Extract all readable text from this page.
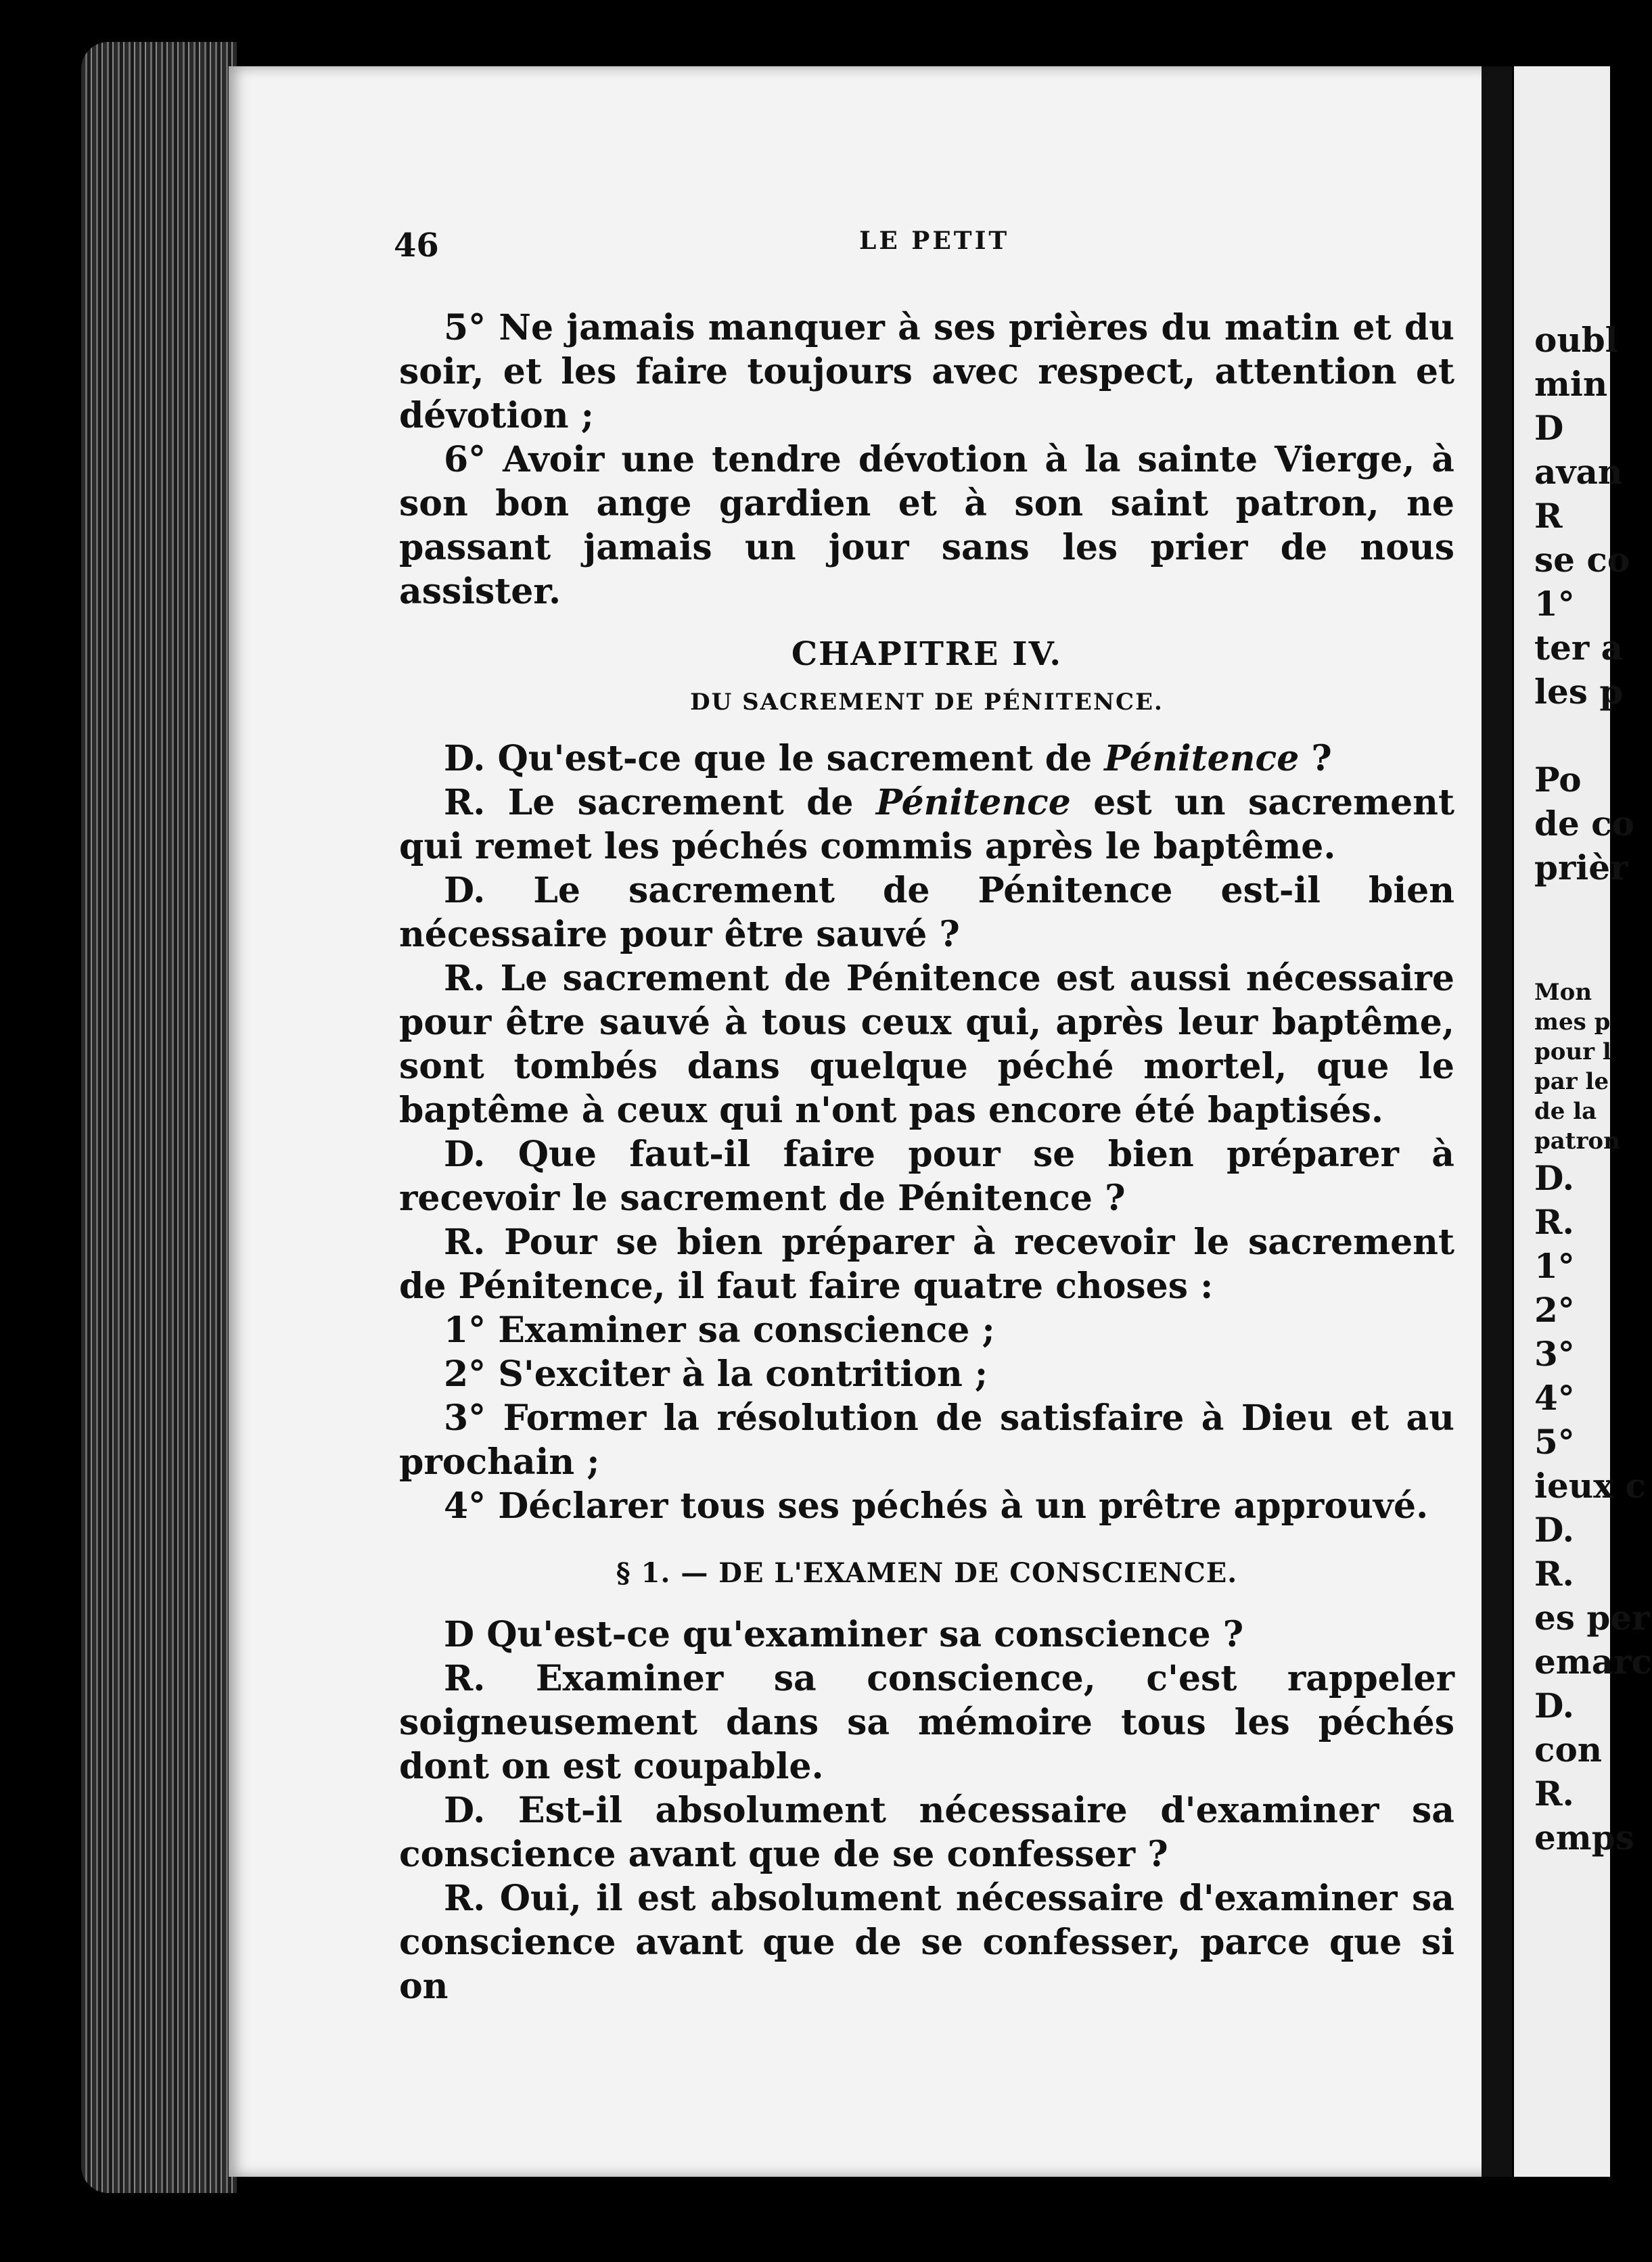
46	LE PETIT

5° Ne jamais manquer à ses prières du matin et du soir, et les faire toujours avec respect, attention et dévotion ;

6° Avoir une tendre dévotion à la sainte Vierge, à son bon ange gardien et à son saint patron, ne passant jamais un jour sans les prier de nous assister.

CHAPITRE IV.

DU SACREMENT DE PÉNITENCE.

D. Qu'est-ce que le sacrement de Pénitence ?

R. Le sacrement de Pénitence est un sacrement qui remet les péchés commis après le baptême.

D. Le sacrement de Pénitence est-il bien nécessaire pour être sauvé ?

R. Le sacrement de Pénitence est aussi nécessaire pour être sauvé à tous ceux qui, après leur baptême, sont tombés dans quelque péché mortel, que le baptême à ceux qui n'ont pas encore été baptisés.

D. Que faut-il faire pour se bien préparer à recevoir le sacrement de Pénitence ?

R. Pour se bien préparer à recevoir le sacrement de Pénitence, il faut faire quatre choses :

1° Examiner sa conscience ;

2° S'exciter à la contrition ;

3° Former la résolution de satisfaire à Dieu et au prochain ;

4° Déclarer tous ses péchés à un prêtre approuvé.

§ 1. — DE L'EXAMEN DE CONSCIENCE.

D Qu'est-ce qu'examiner sa conscience ?

R. Examiner sa conscience, c'est rappeler soigneusement dans sa mémoire tous les péchés dont on est coupable.

D. Est-il absolument nécessaire d'examiner sa conscience avant que de se confesser ?

R. Oui, il est absolument nécessaire d'examiner sa conscience avant que de se confesser, parce que si on

oubl
min
D
avan
R
se co
1°
ter a
les p

Po
de co
prièr

Mon
mes p
pour l
par le
de la
patron
D.
R.
1°
2°
3°
4°
5°
ieux c
D.
R.
es per
emarc
D.
con
R.
emps
